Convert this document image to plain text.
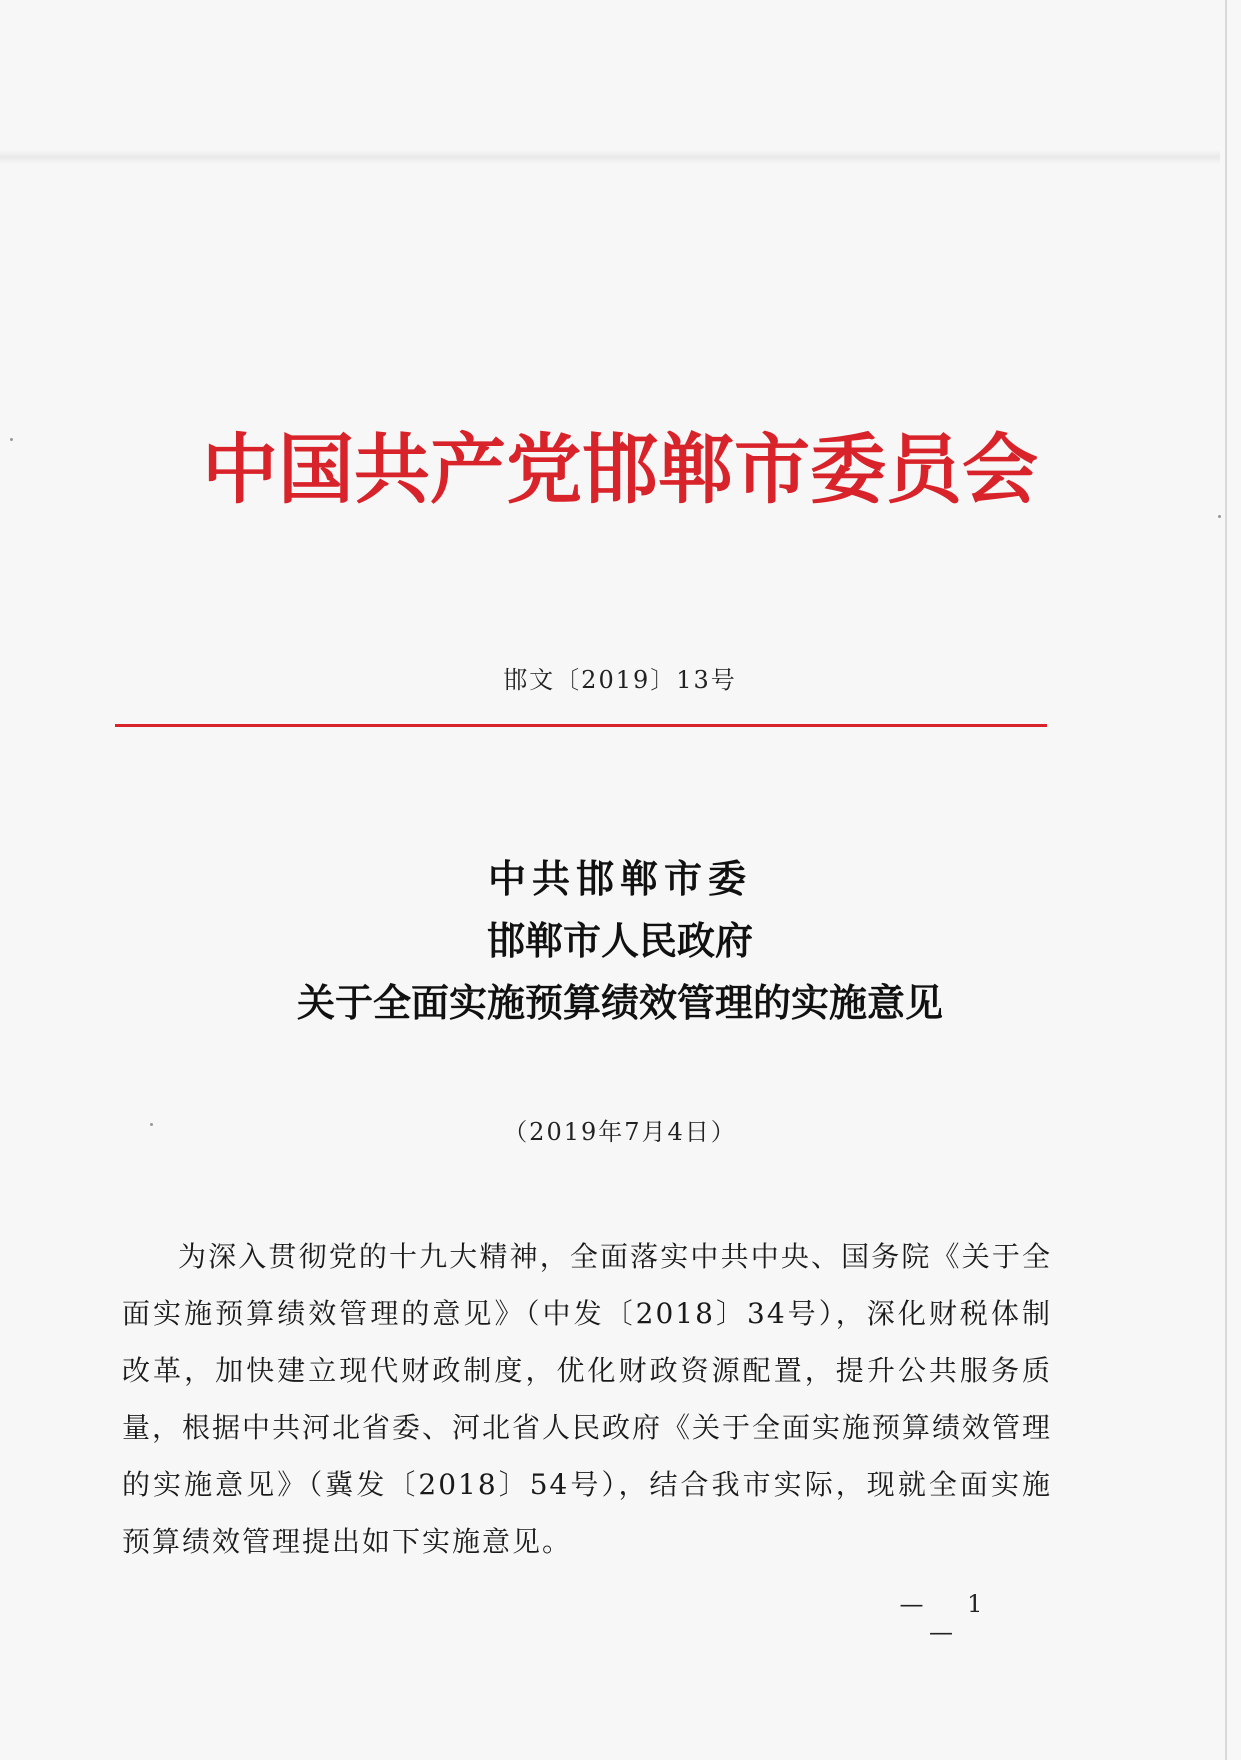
中国共产党邯郸市委员会
邯文〔2019〕13号
中共邯郸市委
邯郸市人民政府
关于全面实施预算绩效管理的实施意见
（2019年7月4日）

为深入贯彻党的十九大精神，全面落实中共中央、国务院《关于全面实施预算绩效管理的意见》（中发〔2018〕34号），深化财税体制改革，加快建立现代财政制度，优化财政资源配置，提升公共服务质量，根据中共河北省委、河北省人民政府《关于全面实施预算绩效管理的实施意见》（冀发〔2018〕54号），结合我市实际，现就全面实施预算绩效管理提出如下实施意见。

— 1 —
